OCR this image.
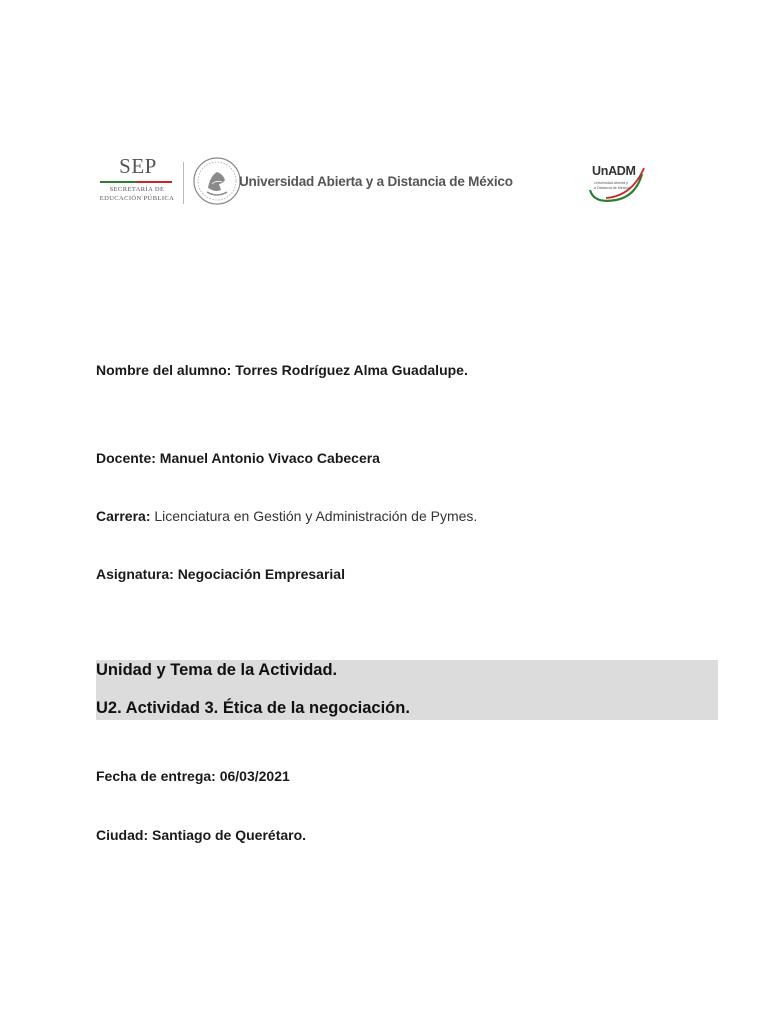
SEP
SECRETARÍA DE
EDUCACIÓN PÚBLICA
Universidad Abierta y a Distancia de México
UnADM
Universidad Abierta y
a Distancia de México
Nombre del alumno: Torres Rodríguez Alma Guadalupe.
Docente: Manuel Antonio Vivaco Cabecera
Carrera: Licenciatura en Gestión y Administración de Pymes.
Asignatura: Negociación Empresarial
Unidad y Tema de la Actividad.
U2. Actividad 3. Ética de la negociación.
Fecha de entrega: 06/03/2021
Ciudad: Santiago de Querétaro.
